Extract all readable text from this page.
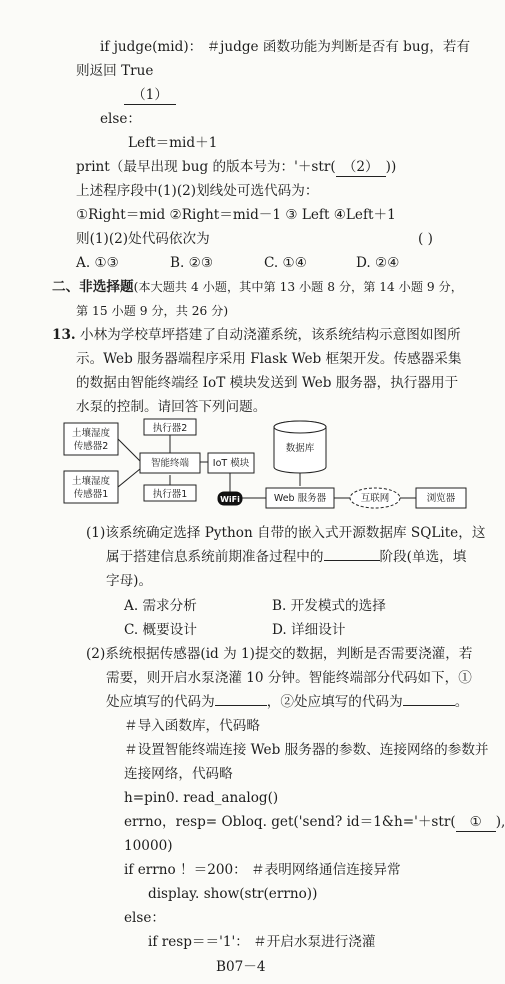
if judge(mid)： ＃judge 函数功能为判断是否有 bug，若有
则返回 True
（1）
else：
Left＝mid＋1
print（最早出现 bug 的版本号为：'＋str( （2） ))
上述程序段中(1)(2)划线处可选代码为：
①Right＝mid ②Right＝mid－1 ③ Left ④Left＋1
则(1)(2)处代码依次为	( )
A. ①③	B. ②③	C. ①④	D. ②④
二、非选择题(本大题共 4 小题，其中第 13 小题 8 分，第 14 小题 9 分，
第 15 小题 9 分，共 26 分)
13. 小林为学校草坪搭建了自动浇灌系统，该系统结构示意图如图所
示。Web 服务器端程序采用 Flask Web 框架开发。传感器采集
的数据由智能终端经 IoT 模块发送到 Web 服务器，执行器用于
水泵的控制。请回答下列问题。
土壤湿度
传感器2
土壤湿度
传感器1
执行器2
执行器1
智能终端	IoT 模块
WiFi
数据库
Web 服务器	互联网	浏览器
(1)该系统确定选择 Python 自带的嵌入式开源数据库 SQLite，这
属于搭建信息系统前期准备过程中的	阶段(单选，填
字母)。
A. 需求分析	B. 开发模式的选择
C. 概要设计	D. 详细设计
(2)系统根据传感器(id 为 1)提交的数据，判断是否需要浇灌，若
需要，则开启水泵浇灌 10 分钟。智能终端部分代码如下，①
处应填写的代码为	，②处应填写的代码为	。
＃导入函数库，代码略
＃设置智能终端连接 Web 服务器的参数、连接网络的参数并
连接网络，代码略
h=pin0. read_analog()
errno，resp= Obloq. get('send? id＝1&h='＋str( ① ),
10000)
if errno ！＝200： ＃表明网络通信连接异常
display. show(str(errno))
else：
if resp＝＝'1'： ＃开启水泵进行浇灌
B07－4
